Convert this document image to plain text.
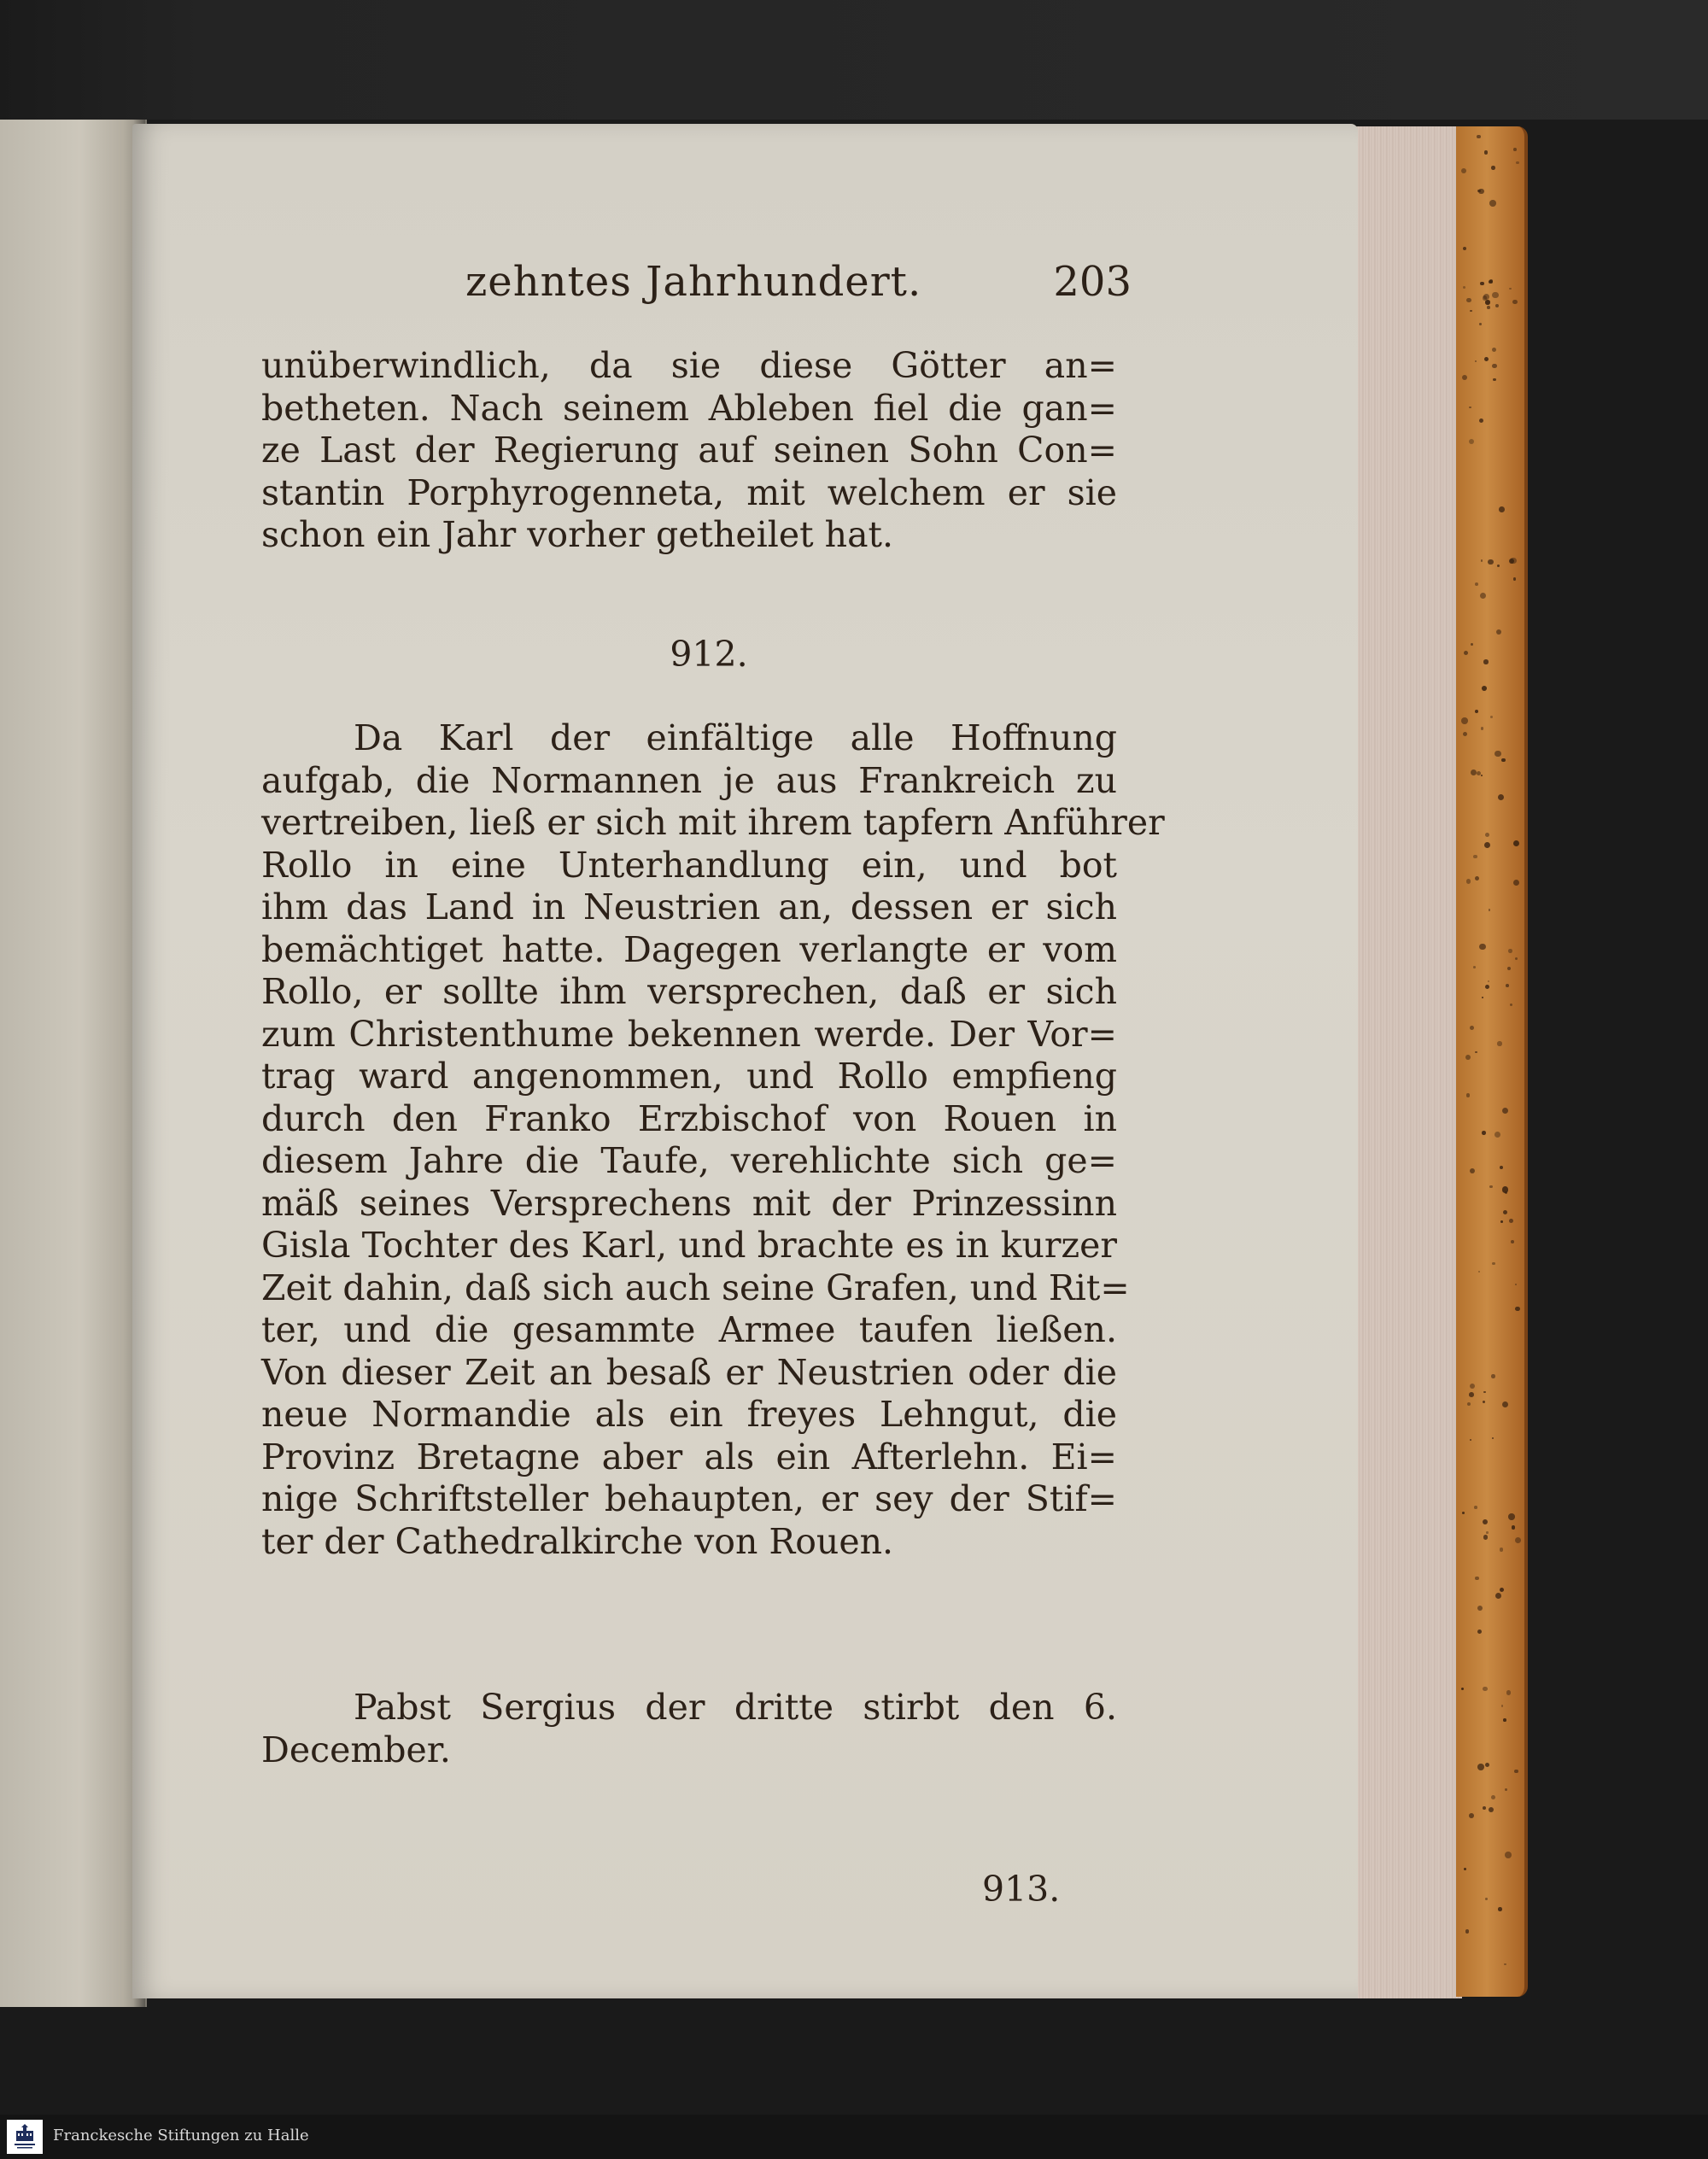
zehntes Jahrhundert.	203
unüberwindlich, da sie diese Götter an=
betheten. Nach seinem Ableben fiel die gan=
ze Last der Regierung auf seinen Sohn Con=
stantin Porphyrogenneta, mit welchem er sie
schon ein Jahr vorher getheilet hat.
912.
Da Karl der einfältige alle Hoffnung
aufgab, die Normannen je aus Frankreich zu
vertreiben, ließ er sich mit ihrem tapfern Anführer
Rollo in eine Unterhandlung ein, und bot
ihm das Land in Neustrien an, dessen er sich
bemächtiget hatte. Dagegen verlangte er vom
Rollo, er sollte ihm versprechen, daß er sich
zum Christenthume bekennen werde. Der Vor=
trag ward angenommen, und Rollo empfieng
durch den Franko Erzbischof von Rouen in
diesem Jahre die Taufe, verehlichte sich ge=
mäß seines Versprechens mit der Prinzessinn
Gisla Tochter des Karl, und brachte es in kurzer
Zeit dahin, daß sich auch seine Grafen, und Rit=
ter, und die gesammte Armee taufen ließen.
Von dieser Zeit an besaß er Neustrien oder die
neue Normandie als ein freyes Lehngut, die
Provinz Bretagne aber als ein Afterlehn. Ei=
nige Schriftsteller behaupten, er sey der Stif=
ter der Cathedralkirche von Rouen.
Pabst Sergius der dritte stirbt den 6.
December.
913.
Franckesche Stiftungen zu Halle
